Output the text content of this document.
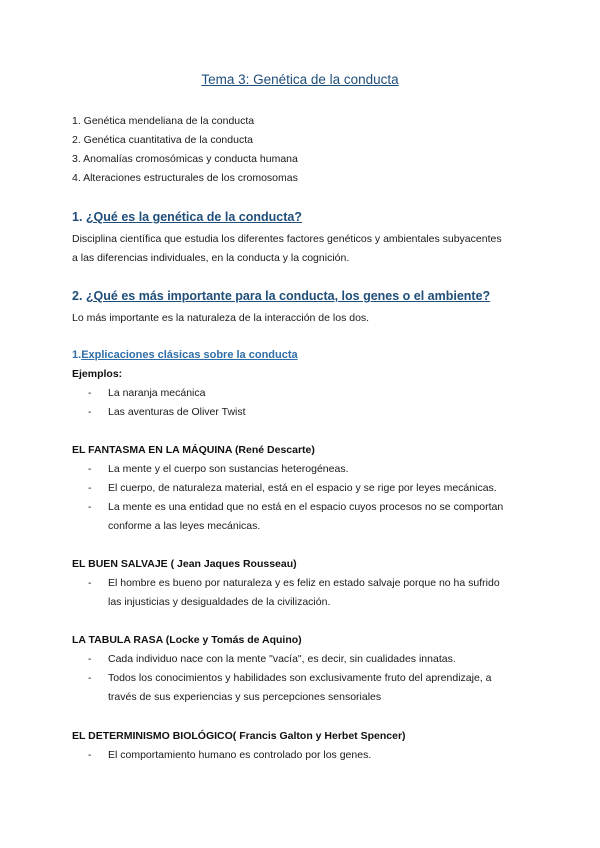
Tema 3: Genética de la conducta
1. Genética mendeliana de la conducta
2. Genética cuantitativa de la conducta
3. Anomalías cromosómicas y conducta humana
4. Alteraciones estructurales de los cromosomas
1. ¿Qué es la genética de la conducta?
Disciplina científica que estudia los diferentes factores genéticos y ambientales subyacentes
a las diferencias individuales, en la conducta y la cognición.
2. ¿Qué es más importante para la conducta, los genes o el ambiente?
Lo más importante es la naturaleza de la interacción de los dos.
1.Explicaciones clásicas sobre la conducta
Ejemplos:
- La naranja mecánica
- Las aventuras de Oliver Twist
EL FANTASMA EN LA MÁQUINA (René Descarte)
- La mente y el cuerpo son sustancias heterogéneas.
- El cuerpo, de naturaleza material, está en el espacio y se rige por leyes mecánicas.
- La mente es una entidad que no está en el espacio cuyos procesos no se comportan
conforme a las leyes mecánicas.
EL BUEN SALVAJE ( Jean Jaques Rousseau)
- El hombre es bueno por naturaleza y es feliz en estado salvaje porque no ha sufrido
las injusticias y desigualdades de la civilización.
LA TABULA RASA (Locke y Tomás de Aquino)
- Cada individuo nace con la mente "vacía", es decir, sin cualidades innatas.
- Todos los conocimientos y habilidades son exclusivamente fruto del aprendizaje, a
través de sus experiencias y sus percepciones sensoriales
EL DETERMINISMO BIOLÓGICO( Francis Galton y Herbet Spencer)
- El comportamiento humano es controlado por los genes.
